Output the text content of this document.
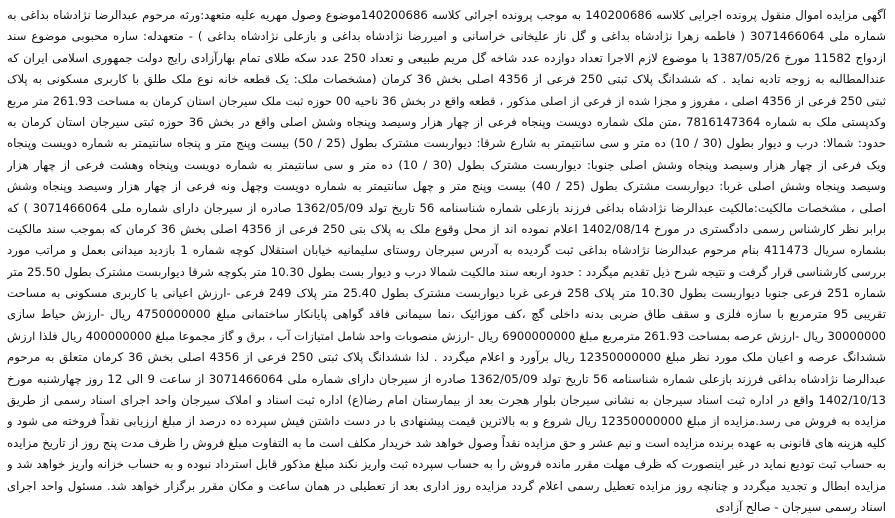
آگهی مزایده اموال منقول پرونده اجرایی کلاسه 140200686 به موجب پرونده اجرائی کلاسه 140200686موضوع وصول مهریه علیه متعهد:ورثه مرحوم عبدالرضا نژادشاه بداغی به
شماره ملی 3071466064 ( فاطمه زهرا نژادشاه بداغی و گل ناز علیخانی خراسانی و امیررضا نژادشاه بداغی و بازعلی نژادشاه بداغی ) - متعهدله: ساره محبوبی موضوع سند
ازدواج 11582 مورخ 1387/05/26 با موضوع لازم الاجرا تعداد دوازده عدد شاخه گل مریم طبیعی و تعداد 250 عدد سکه طلای تمام بهارآزادی رایج دولت جمهوری اسلامی ایران که
عندالمطالبه به زوجه تادیه نماید . که ششدانگ پلاک ثبتی 250 فرعی از 4356 اصلی بخش 36 کرمان (مشخصات ملک: یک قطعه خانه نوع ملک طلق با کاربری مسکونی به پلاک
ثبتی 250 فرعی از 4356 اصلی ، مفروز و مجزا شده از فرعی از اصلی مذکور ، قطعه واقع در بخش 36 ناحیه 00 حوزه ثبت ملک سیرجان استان کرمان به مساحت 261.93 متر مربع
وکدپستی ملک به شماره 7816147364 ،متن ملک شماره دویست وپنجاه فرعی از چهار هزار وسیصد وپنجاه وشش اصلی واقع در بخش 36 حوزه ثبتی سیرجان استان کرمان به
حدود: شمالا: درب و دیوار بطول (30 / 10) ده متر و سی سانتیمتر به شارع شرقا: دیواربست مشترک بطول (25 / 50) بیست وپنج متر و پنجاه سانتیمتر به شماره دویست وپنجاه
ویک فرعی از چهار هزار وسیصد وپنجاه وشش اصلی جنوبا: دیواربست مشترک بطول (30 / 10) ده متر و سی سانتیمتر به شماره دویست وپنجاه وهشت فرعی از چهار هزار
وسیصد وپنجاه وشش اصلی غربا: دیواربست مشترک بطول (25 / 40) بیست وپنج متر و چهل سانتیمتر به شماره دویست وچهل ونه فرعی از چهار هزار وسیصد وپنجاه وشش
اصلی ، مشخصات مالکیت:مالکیت عبدالرضا نژادشاه بداغی فرزند بازعلی شماره شناسنامه 56 تاریخ تولد 1362/05/09 صادره از سیرجان دارای شماره ملی 3071466064 ) که
برابر نظر کارشناس رسمی دادگستری در مورخ 1402/08/14 اعلام نموده اند از محل وقوع ملک به پلاک بتی 250 فرعی از 4356 اصلی بخش 36 کرمان که بموجب سند مالکیت
بشماره سریال 411473 بنام مرحوم عبدالرضا نژادشاه بداغی ثبت گردیده به آدرس سیرجان روستای سلیمانیه خیابان استقلال کوچه شماره 1 بازدید میدانی بعمل و مراتب مورد
بررسی کارشناسی قرار گرفت و نتیجه شرح ذیل تقدیم میگردد : حدود اربعه سند مالکیت شمالا درب و دیوار بست بطول 10.30 متر بکوچه شرقا دیواربست مشترک بطول 25.50 متر
شماره 251 فرعی جنوبا دیواربست بطول 10.30 متر پلاک 258 فرعی غربا دیواربست مشترک بطول 25.40 متر پلاک 249 فرعی -ارزش اعیانی با کاربری مسکونی به مساحت
تقریبی 95 مترمربع با سازه فلزی و سقف طاق ضربی بدنه داخلی گچ ،کف موزائیک ،نما سیمانی فاقد گواهی پایانکار ساختمانی مبلغ 4750000000 ریال -ارزش حیاط سازی
30000000 ریال -ارزش عرصه بمساحت 261.93 مترمربع مبلغ 6900000000 ریال -ارزش منصوبات واحد شامل امتیازات آب ، برق و گاز مجموعا مبلغ 400000000 ریال فلذا ارزش
ششدانگ عرصه و اعیان ملک مورد نظر مبلغ 12350000000 ریال برآورد و اعلام میگردد . لذا ششدانگ پلاک ثبتی 250 فرعی از 4356 اصلی بخش 36 کرمان متعلق به مرحوم
عبدالرضا نژادشاه بداغی فرزند بازعلی شماره شناسنامه 56 تاریخ تولد 1362/05/09 صادره از سیرجان دارای شماره ملی 3071466064 از ساعت 9 الی 12 روز چهارشنبه مورخ
1402/10/13 واقع در اداره ثبت اسناد سیرجان به نشانی سیرجان بلوار هجرت بعد از بیمارستان امام رضا(ع) اداره ثبت اسناد و املاک سیرجان واحد اجرای اسناد رسمی از طریق
مزایده به فروش می رسد.مزایده از مبلغ 12350000000 ریال شروع و به بالاترین قیمت پیشنهادی با در دست داشتن فیش سپرده ده درصد از مبلغ ارزیابی نقداً فروخته می شود و
کلیه هزینه های قانونی به عهده برنده مزایده است و نیم عشر و حق مزایده نقداً وصول خواهد شد خریدار مکلف است ما به التفاوت مبلغ فروش را ظرف مدت پنج روز از تاریخ مزایده
به حساب ثبت تودیع نماید در غیر اینصورت که ظرف مهلت مقرر مانده فروش را به حساب سپرده ثبت واریز نکند مبلغ مذکور قابل استرداد نبوده و به حساب خزانه واریز خواهد شد و
مزایده ابطال و تجدید میگردد و چنانچه روز مزایده تعطیل رسمی اعلام گردد مزایده روز اداری بعد از تعطیلی در همان ساعت و مکان مقرر برگزار خواهد شد. مسئول واحد اجرای
اسناد رسمی سیرجان - صالح آزادی
